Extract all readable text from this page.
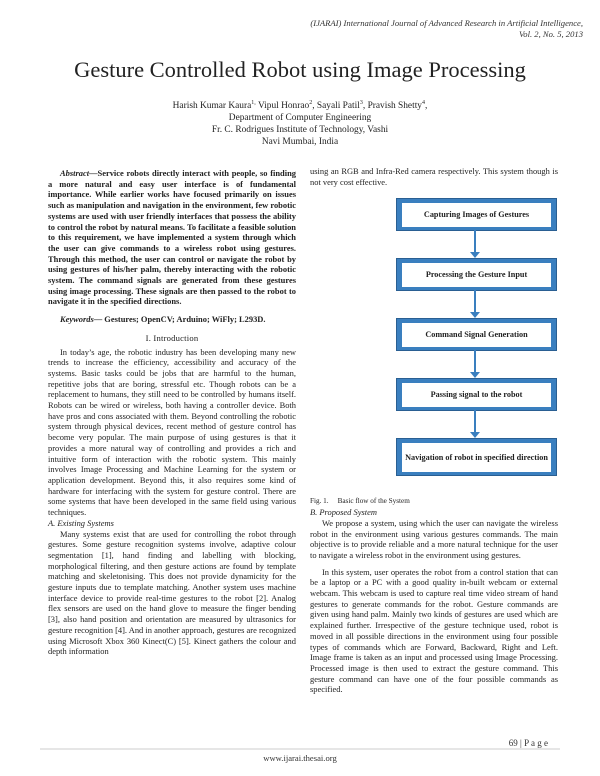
(IJARAI) International Journal of Advanced Research in Artificial Intelligence,
Vol. 2, No. 5, 2013
Gesture Controlled Robot using Image Processing
Harish Kumar Kaura$^{1,}$ Vipul Honrao$^2$, Sayali Patil$^3$, Pravish Shetty$^4$,
Department of Computer Engineering
Fr. C. Rodrigues Institute of Technology, Vashi
Navi Mumbai, India

Abstract—Service robots directly interact with people, so finding a more natural and easy user interface is of fundamental importance. While earlier works have focused primarily on issues such as manipulation and navigation in the environment, few robotic systems are used with user friendly interfaces that possess the ability to control the robot by natural means. To facilitate a feasible solution to this requirement, we have implemented a system through which the user can give commands to a wireless robot using gestures. Through this method, the user can control or navigate the robot by using gestures of his/her palm, thereby interacting with the robotic system. The command signals are generated from these gestures using image processing. These signals are then passed to the robot to navigate it in the specified directions.

Keywords— Gestures; OpenCV; Arduino; WiFly; L293D.

I. Introduction

In today’s age, the robotic industry has been developing many new trends to increase the efficiency, accessibility and accuracy of the systems. Basic tasks could be jobs that are harmful to the human, repetitive jobs that are boring, stressful etc. Though robots can be a replacement to humans, they still need to be controlled by humans itself. Robots can be wired or wireless, both having a controller device. Both have pros and cons associated with them. Beyond controlling the robotic system through physical devices, recent method of gesture control has become very popular. The main purpose of using gestures is that it provides a more natural way of controlling and provides a rich and intuitive form of interaction with the robotic system. This mainly involves Image Processing and Machine Learning for the system or application development. Beyond this, it also requires some kind of hardware for interfacing with the system for gesture control. There are some systems that have been developed in the same field using various techniques.

A. Existing Systems

Many systems exist that are used for controlling the robot through gestures. Some gesture recognition systems involve, adaptive colour segmentation [1], hand finding and labelling with blocking, morphological filtering, and then gesture actions are found by template matching and skeletonising. This does not provide dynamicity for the gesture inputs due to template matching. Another system uses machine interface device to provide real-time gestures to the robot [2]. Analog flex sensors are used on the hand glove to measure the finger bending [3], also hand position and orientation are measured by ultrasonics for gesture recognition [4]. And in another approach, gestures are recognized using Microsoft Xbox 360 Kinect(C) [5]. Kinect gathers the colour and depth information

using an RGB and Infra-Red camera respectively. This system though is not very cost effective.

Capturing Images of Gestures
Processing the Gesture Input
Command Signal Generation
Passing signal to the robot
Navigation of robot in specified direction

Fig. 1. Basic flow of the System

B. Proposed System

We propose a system, using which the user can navigate the wireless robot in the environment using various gestures commands. The main objective is to provide reliable and a more natural technique for the user to navigate a wireless robot in the environment using gestures.

In this system, user operates the robot from a control station that can be a laptop or a PC with a good quality in-built webcam or external webcam. This webcam is used to capture real time video stream of hand gestures to generate commands for the robot. Gesture commands are given using hand palm. Mainly two kinds of gestures are used which are explained further. Irrespective of the gesture technique used, robot is moved in all possible directions in the environment using four possible types of commands which are Forward, Backward, Right and Left. Image frame is taken as an input and processed using Image Processing. Processed image is then used to extract the gesture command. This gesture command can have one of the four possible commands as specified.

69 | P a g e
www.ijarai.thesai.org
